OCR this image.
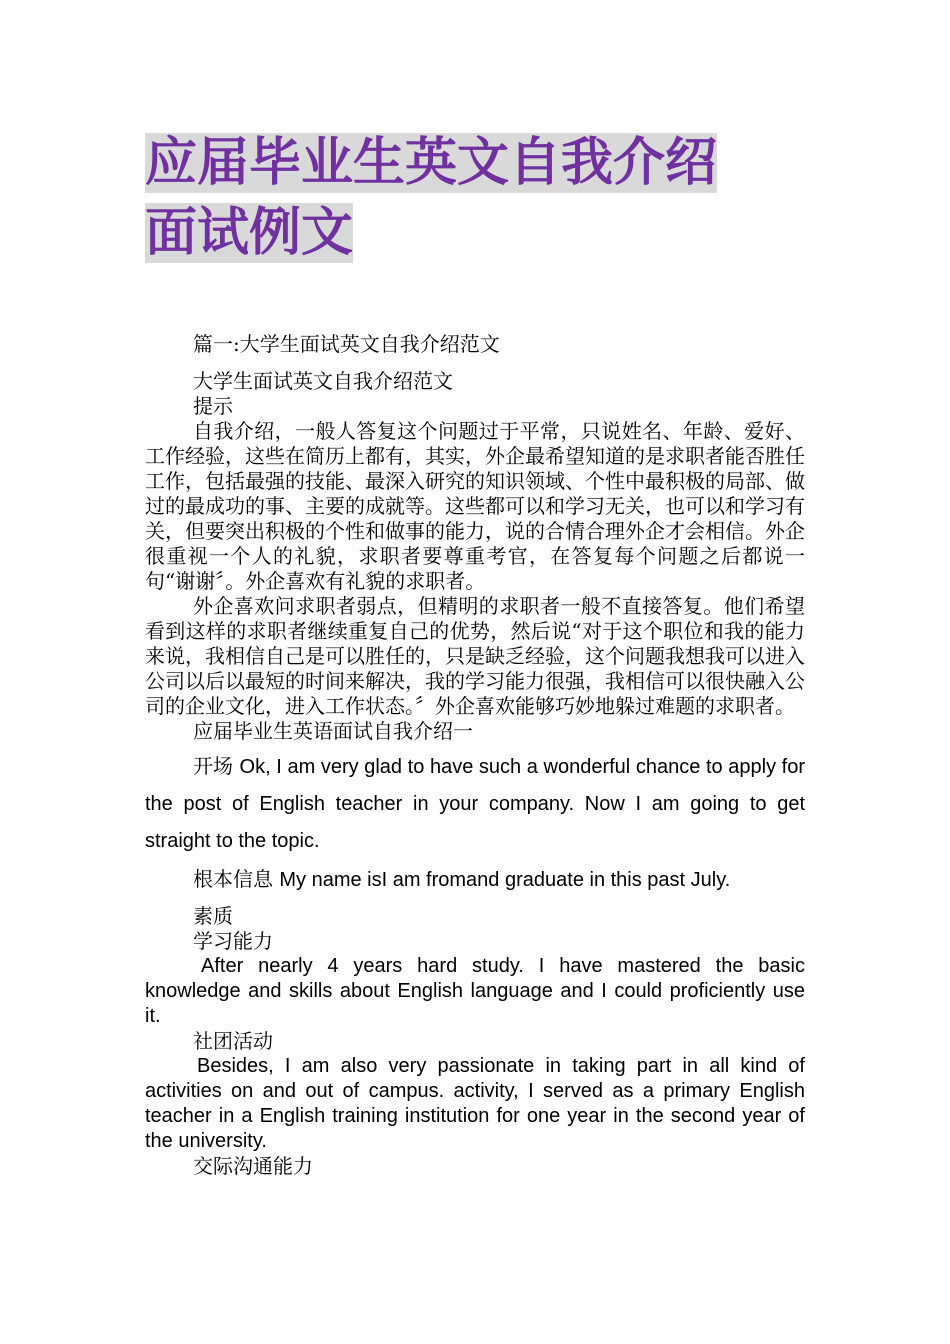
应届毕业生英文自我介绍
面试例文

篇一:大学生面试英文自我介绍范文

大学生面试英文自我介绍范文

提示

自我介绍，一般人答复这个问题过于平常，只说姓名、年龄、爱好、工作经验，这些在简历上都有，其实，外企最希望知道的是求职者能否胜任工作，包括最强的技能、最深入研究的知识领域、个性中最积极的局部、做过的最成功的事、主要的成就等。这些都可以和学习无关，也可以和学习有关，但要突出积极的个性和做事的能力，说的合情合理外企才会相信。外企很重视一个人的礼貌，求职者要尊重考官，在答复每个问题之后都说一句“谢谢〞。外企喜欢有礼貌的求职者。

外企喜欢问求职者弱点，但精明的求职者一般不直接答复。他们希望看到这样的求职者继续重复自己的优势，然后说“对于这个职位和我的能力来说，我相信自己是可以胜任的，只是缺乏经验，这个问题我想我可以进入公司以后以最短的时间来解决，我的学习能力很强，我相信可以很快融入公司的企业文化，进入工作状态。〞外企喜欢能够巧妙地躲过难题的求职者。

应届毕业生英语面试自我介绍一

开场 Ok, I am very glad to have such a wonderful chance to apply for the post of English teacher in your company. Now I am going to get straight to the topic.

根本信息 My name isI am fromand graduate in this past July.

素质

学习能力

After nearly 4 years hard study. I have mastered the basic knowledge and skills about English language and I could proficiently use it.

社团活动

Besides, I am also very passionate in taking part in all kind of activities on and out of campus. activity, I served as a primary English teacher in a English training institution for one year in the second year of the university.

交际沟通能力
